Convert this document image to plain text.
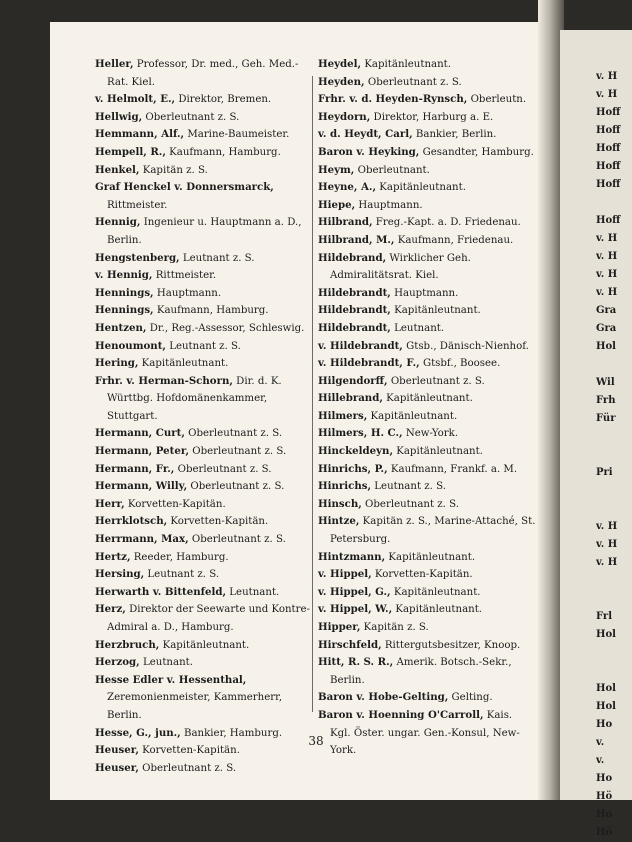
Heller, Professor, Dr. med., Geh. Med.-Rat. Kiel.
v. Helmolt, E., Direktor, Bremen.
Hellwig, Oberleutnant z. S.
Hemmann, Alf., Marine-Baumeister.
Hempell, R., Kaufmann, Hamburg.
Henkel, Kapitän z. S.
Graf Henckel v. Donnersmarck, Rittmeister.
Hennig, Ingenieur u. Hauptmann a. D., Berlin.
Hengstenberg, Leutnant z. S.
v. Hennig, Rittmeister.
Hennings, Hauptmann.
Hennings, Kaufmann, Hamburg.
Hentzen, Dr., Reg.-Assessor, Schleswig.
Henoumont, Leutnant z. S.
Hering, Kapitänleutnant.
Frhr. v. Herman-Schorn, Dir. d. K. Württbg. Hofdomänenkammer, Stuttgart.
Hermann, Curt, Oberleutnant z. S.
Hermann, Peter, Oberleutnant z. S.
Hermann, Fr., Oberleutnant z. S.
Hermann, Willy, Oberleutnant z. S.
Herr, Korvetten-Kapitän.
Herrklotsch, Korvetten-Kapitän.
Herrmann, Max, Oberleutnant z. S.
Hertz, Reeder, Hamburg.
Hersing, Leutnant z. S.
Herwarth v. Bittenfeld, Leutnant.
Herz, Direktor der Seewarte und Kontre-Admiral a. D., Hamburg.
Herzbruch, Kapitänleutnant.
Herzog, Leutnant.
Hesse Edler v. Hessenthal, Zeremonienmeister, Kammerherr, Berlin.
Hesse, G., jun., Bankier, Hamburg.
Heuser, Korvetten-Kapitän.
Heuser, Oberleutnant z. S.
Heydel, Kapitänleutnant.
Heyden, Oberleutnant z. S.
Frhr. v. d. Heyden-Rynsch, Oberleutn.
Heydorn, Direktor, Harburg a. E.
v. d. Heydt, Carl, Bankier, Berlin.
Baron v. Heyking, Gesandter, Hamburg.
Heym, Oberleutnant.
Heyne, A., Kapitänleutnant.
Hiepe, Hauptmann.
Hilbrand, Freg.-Kapt. a. D. Friedenau.
Hilbrand, M., Kaufmann, Friedenau.
Hildebrand, Wirklicher Geh. Admiralitätsrat. Kiel.
Hildebrandt, Hauptmann.
Hildebrandt, Kapitänleutnant.
Hildebrandt, Leutnant.
v. Hildebrandt, Gtsb., Dänisch-Nienhof.
v. Hildebrandt, F., Gtsbf., Boosee.
Hilgendorff, Oberleutnant z. S.
Hillebrand, Kapitänleutnant.
Hilmers, Kapitänleutnant.
Hilmers, H. C., New-York.
Hinckeldeyn, Kapitänleutnant.
Hinrichs, P., Kaufmann, Frankf. a. M.
Hinrichs, Leutnant z. S.
Hinsch, Oberleutnant z. S.
Hintze, Kapitän z. S., Marine-Attaché, St. Petersburg.
Hintzmann, Kapitänleutnant.
v. Hippel, Korvetten-Kapitän.
v. Hippel, G., Kapitänleutnant.
v. Hippel, W., Kapitänleutnant.
Hipper, Kapitän z. S.
Hirschfeld, Rittergutsbesitzer, Knoop.
Hitt, R. S. R., Amerik. Botsch.-Sekr., Berlin.
Baron v. Hobe-Gelting, Gelting.
Baron v. Hoenning O'Carroll, Kais. Kgl. Öster. ungar. Gen.-Konsul, New-York.
38
v. H
v. H
Hoff
Hoff
Hoff
Hoff
Hoff
Hoff
v. H
v. H
v. H
v. H
Gra
Gra
Hol
Wil
Frh
Für
Pri
v. H
v. H
v. H
Frl
Hol
Hol
Hol
Ho
v.
v.
Ho
Hö
Ho
Hö
